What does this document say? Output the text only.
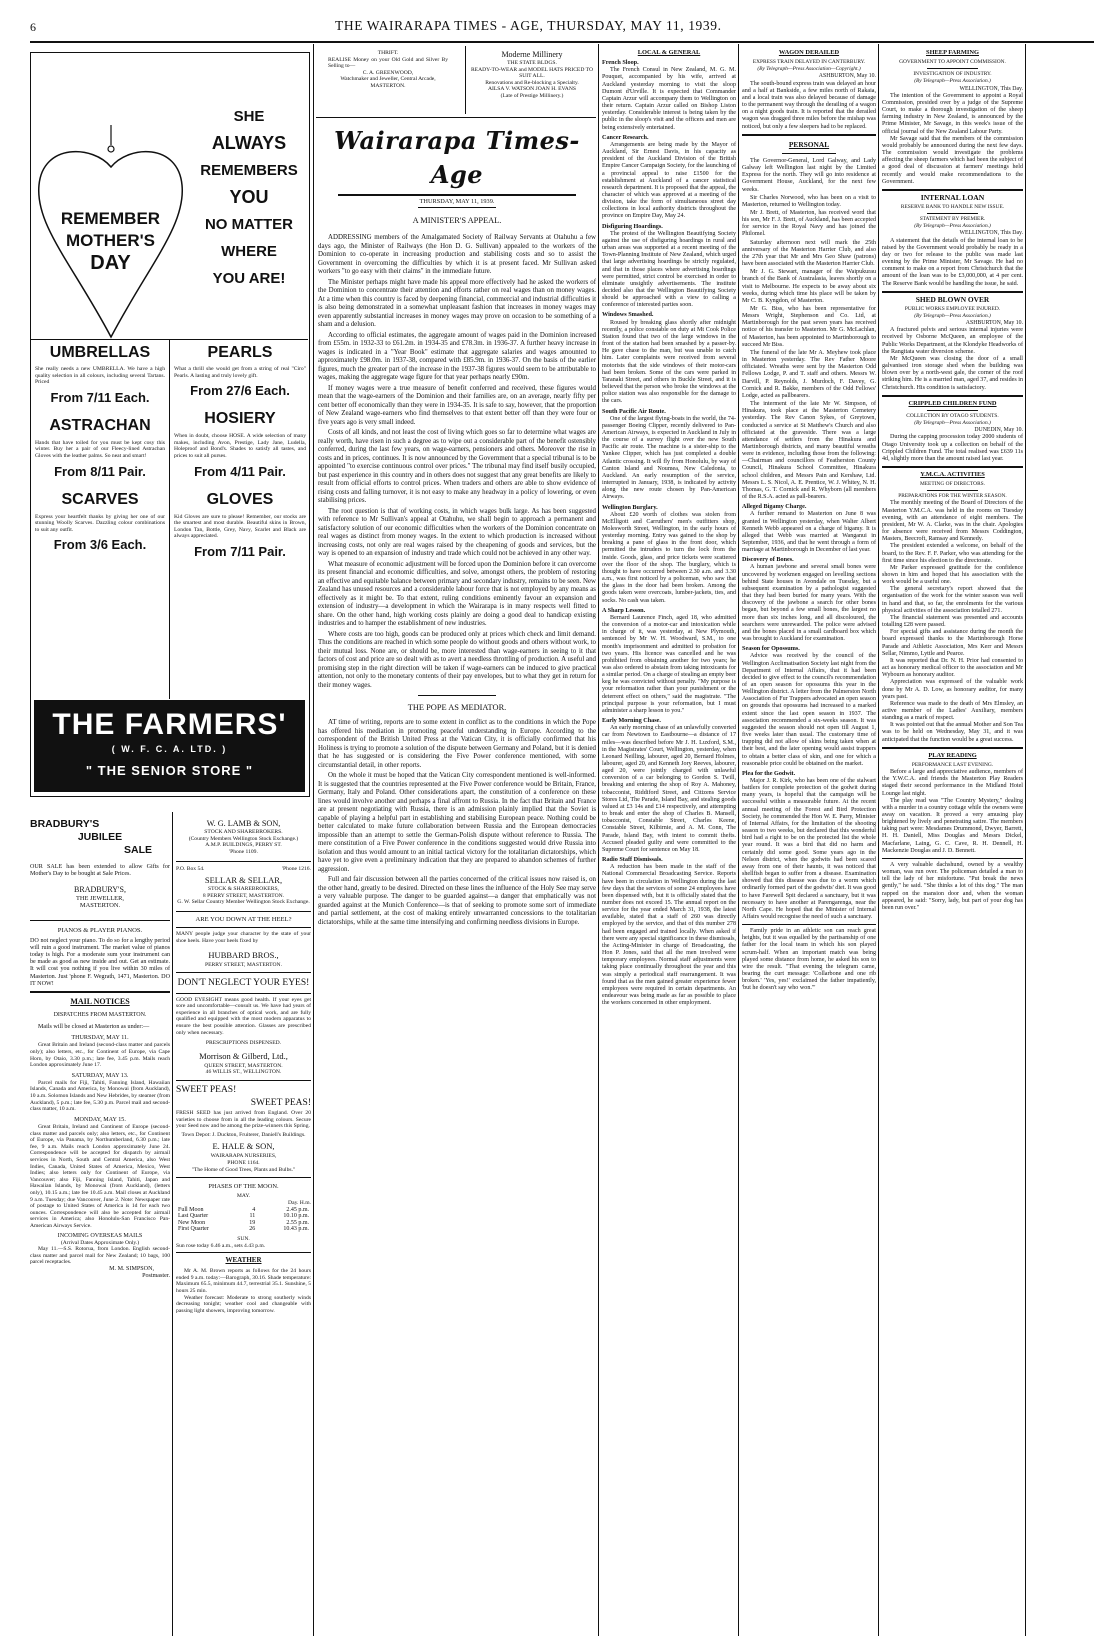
6	THE WAIRARAPA TIMES - AGE, THURSDAY, MAY 11, 1939.
REMEMBER
MOTHER'S
DAY
SHE
ALWAYS
REMEMBERS
YOU
NO MATTER
WHERE
YOU ARE!
UMBRELLAS

She really needs a new UMBRELLA. We have a high quality selection in all colours, including several Tartans. Priced

From 7/11 Each.
ASTRACHAN

Hands that have toiled for you must be kept cosy this winter. Buy her a pair of our Fleecy-lined Astrachan Gloves with the leather palms. So neat and smart!

From 8/11 Pair.
SCARVES

Express your heartfelt thanks by giving her one of our stunning Woolly Scarves. Dazzling colour combinations to suit any outfit.

From 3/6 Each.
PEARLS

What a thrill she would get from a string of real "Ciro" Pearls. A lasting and truly lovely gift.

From 27/6 Each.
HOSIERY

When in doubt, choose HOSE. A wide selection of many makes, including Avon, Prestige, Lady Jane, Ludella, Holeproof and Bond's. Shades to satisfy all tastes, and prices to suit all purses.

From 4/11 Pair.
GLOVES

Kid Gloves are sure to please! Remember, our stocks are the smartest and most durable. Beautiful skins in Brown, London Tan, Bottle, Grey, Navy, Scarlet and Black are always appreciated.

From 7/11 Pair.
THE FARMERS'
( W. F. C. A. LTD. )
" THE SENIOR STORE "
BRADBURY'S
JUBILEE
SALE

OUR SALE has been extended to allow Gifts for Mother's Day to be bought at Sale Prices.

BRADBURY'S,
THE JEWELLER,
MASTERTON.
PIANOS & PLAYER PIANOS.

DO not neglect your piano. To do so for a lengthy period will ruin a good instrument. The market value of pianos today is high. For a moderate sum your instrument can be made as good as new inside and out. Get an estimate. It will cost you nothing if you live within 30 miles of Masterton. Just 'phone F. Wegrath, 1471, Masterton. DO IT NOW!

MAIL NOTICES
DISPATCHES FROM MASTERTON.

Mails will be closed at Masterton as under:—

THURSDAY, MAY 11.

Great Britain and Ireland (second-class matter and parcels only); also letters, etc., for Continent of Europe, via Cape Horn, by Otaio, 3.30 p.m.; late fee, 3.45 p.m. Mails reach London approximately June 17.

SATURDAY, MAY 13.

Parcel mails for Fiji, Tahiti, Fanning Island, Hawaiian Islands, Canada and America, by Monowai (from Auckland), 10 a.m. Solomon Islands and New Hebrides, by steamer (from Auckland), 5 p.m.; late fee, 5.30 p.m. Parcel mail and second-class matter, 10 a.m.

MONDAY, MAY 15.

Great Britain, Ireland and Continent of Europe (second-class matter and parcels only; also letters, etc., for Continent of Europe, via Panama, by Northumberland, 6.30 p.m.; late fee, 9 a.m. Mails reach London approximately June 24. Correspondence will be accepted for dispatch by airmail services in North, South and Central America, also West Indies, Canada, United States of America, Mexico, West Indies; also letters only for Continent of Europe, via Vancouver; also Fiji, Fanning Island, Tahiti, Japan and Hawaiian Islands, by Monowai (from Auckland), (letters only), 10.15 a.m.; late fee 10.45 a.m. Mail closes at Auckland 9 a.m. Tuesday; due Vancouver, June 2. Note: Newspaper rate of postage to United States of America is 1d for each two ounces. Correspondence will also be accepted for airmail services in America; also Honolulu-San Francisco Pan-American Airways Service.

INCOMING OVERSEAS MAILS
(Arrival Dates Approximate Only.)

May 11.—S.S. Rotorua, from London. English second-class matter and parcel mail for New Zealand; 10 bags, 100 parcel receptacles.

M. M. SIMPSON,
Postmaster.
W. G. LAMB & SON,
STOCK AND SHAREBROKERS.
(Country Members Wellington Stock Exchange.)
A.M.P. BUILDINGS, PERRY ST.
'Phone 1109.
P.O. Box 54.	'Phone 1216.
SELLAR & SELLAR,
STOCK & SHAREBROKERS,
8 PERRY STREET, MASTERTON.
G. W. Sellar Country Member Wellington Stock Exchange.
ARE YOU DOWN AT THE HEEL?

MANY people judge your character by the state of your shoe heels. Have your heels fixed by

HUBBARD BROS.,
PERRY STREET, MASTERTON.
DON'T NEGLECT YOUR EYES!

GOOD EYESIGHT means good health. If your eyes get sore and uncomfortable—consult us. We have had years of experience in all branches of optical work, and are fully qualified and equipped with the most modern apparatus to ensure the best possible attention. Glasses are prescribed only when necessary.

PRESCRIPTIONS DISPENSED.
Morrison & Gilberd, Ltd.,
QUEEN STREET, MASTERTON.
46 WILLIS ST., WELLINGTON.
SWEET PEAS!
SWEET PEAS!

FRESH SEED has just arrived from England. Over 20 varieties to choose from in all the leading colours. Secure your Seed now and be among the prize-winners this Spring.

Town Depot: J. Duckton, Fruiterer, Daniell's Buildings.

E. HALE & SON,
WAIRARAPA NURSERIES,
PHONE 1164.
"The Home of Good Trees, Plants and Bulbs."
PHASES OF THE MOON.
MAY.
Day. H.m.
Full Moon	4	2.45 p.m.
Last Quarter	11	10.10 p.m.
New Moon	19	2.55 p.m.
First Quarter	26	10.43 p.m.
SUN.
Sun rose today 6.46 a.m., sets 4.43 p.m.
WEATHER

Mr A. M. Brown reports as follows for the 24 hours ended 9 a.m. today:—Barograph, 30.16. Shade temperature: Maximum 65.5, minimum 44.7, terrestrial 35.1. Sunshine, 5 hours 25 min.

Weather forecast: Moderate to strong southerly winds decreasing tonight; weather cool and changeable with passing light showers, improving tomorrow.

THRIFT.

REALISE Money on your Old Gold and Silver By Selling to—

C. A. GREENWOOD,
Watchmaker and Jeweller, Central Arcade,
MASTERTON.
Moderne Millinery
THE STATE BLDGS.
READY-TO-WEAR and MODEL HATS PRICED TO SUIT ALL.
Renovations and Re-blocking a Specialty.
AILSA V. WATSON JOAN H. EVANS
(Late of Prestige Millinery.)
Wairarapa Times-Age
THURSDAY, MAY 11, 1939.
A MINISTER'S APPEAL.

ADDRESSING members of the Amalgamated Society of Railway Servants at Otahuhu a few days ago, the Minister of Railways (the Hon D. G. Sullivan) appealed to the workers of the Dominion to co-operate in increasing production and stabilising costs and so to assist the Government in overcoming the difficulties by which it is at present faced. Mr Sullivan asked workers "to go easy with their claims" in the immediate future.

The Minister perhaps might have made his appeal more effectively had he asked the workers of the Dominion to concentrate their attention and efforts rather on real wages than on money wages. At a time when this country is faced by deepening financial, commercial and industrial difficulties it is also being demonstrated in a somewhat unpleasant fashion that increases in money wages may even apparently substantial increases in money wages may prove on occasion to be something of a sham and a delusion.

According to official estimates, the aggregate amount of wages paid in the Dominion increased from £55m. in 1932-33 to £61.2m. in 1934-35 and £78.3m. in 1936-37. A further heavy increase in wages is indicated in a "Year Book" estimate that aggregate salaries and wages amounted to approximately £98.0m. in 1937-38, compared with £85.9m. in 1936-37. On the basis of the earlier figures, much the greater part of the increase in the 1937-38 figures would seem to be attributable to wages, making the aggregate wage figure for that year perhaps nearly £90m.

If money wages were a true measure of benefit conferred and received, these figures would mean that the wage-earners of the Dominion and their families are, on an average, nearly fifty per cent better off economically than they were in 1934-35. It is safe to say, however, that the proportion of New Zealand wage-earners who find themselves to that extent better off than they were four or five years ago is very small indeed.

Costs of all kinds, and not least the cost of living which goes so far to determine what wages are really worth, have risen in such a degree as to wipe out a considerable part of the benefit ostensibly conferred, during the last few years, on wage-earners, pensioners and others. Moreover the rise in costs and in prices, continues. It is now announced by the Government that a special tribunal is to be appointed "to exercise continuous control over prices." The tribunal may find itself busily occupied, but past experience in this country and in others does not suggest that any great benefits are likely to result from official efforts to control prices. When traders and others are able to show evidence of rising costs and falling turnover, it is not easy to make any headway in a policy of lowering, or even stabilising prices.

The root question is that of working costs, in which wages bulk large. As has been suggested with reference to Mr Sullivan's appeal at Otahuhu, we shall begin to approach a permanent and satisfactory solution of our economic difficulties when the workers of the Dominion concentrate on real wages as distinct from money wages. In the extent to which production is increased without increasing costs, not only are real wages raised by the cheapening of goods and services, but the way is opened to an expansion of industry and trade which could not be achieved in any other way.

What measure of economic adjustment will be forced upon the Dominion before it can overcome its present financial and economic difficulties, and solve, amongst others, the problem of restoring an effective and equitable balance between primary and secondary industry, remains to be seen. New Zealand has unused resources and a considerable labour force that is not employed by any means as effectively as it might be. To that extent, ruling conditions eminently favour an expansion and extension of industry—a development in which the Wairarapa is in many respects well fitted to share. On the other hand, high working costs plainly are doing a good deal to handicap existing industries and to hamper the establishment of new industries.

Where costs are too high, goods can be produced only at prices which check and limit demand. Thus the conditions are reached in which some people do without goods and others without work, to their mutual loss. None are, or should be, more interested than wage-earners in seeing to it that factors of cost and price are so dealt with as to avert a needless throttling of production. A useful and promising step in the right direction will be taken if wage-earners can be induced to give practical attention, not only to the monetary contents of their pay envelopes, but to what they get in return for their money wages.

THE POPE AS MEDIATOR.

AT time of writing, reports are to some extent in conflict as to the conditions in which the Pope has offered his mediation in promoting peaceful understanding in Europe. According to the correspondent of the British United Press at the Vatican City, it is officially confirmed that his Holiness is trying to promote a solution of the dispute between Germany and Poland, but it is denied that he has suggested or is considering the Five Power conference mentioned, with some circumstantial detail, in other reports.

On the whole it must be hoped that the Vatican City correspondent mentioned is well-informed. It is suggested that the countries represented at the Five Power conference would be Britain, France, Germany, Italy and Poland. Other considerations apart, the constitution of a conference on these lines would involve another and perhaps a final affront to Russia. In the fact that Britain and France are at present negotiating with Russia, there is an admission plainly implied that the Soviet is capable of playing a helpful part in establishing and stabilising European peace. Nothing could be better calculated to make future collaboration between Russia and the European democracies impossible than an attempt to settle the German-Polish dispute without reference to Russia. The mere constitution of a Five Power conference in the conditions suggested would drive Russia into isolation and thus would amount to an initial tactical victory for the totalitarian dictatorships, which have yet to give even a preliminary indication that they are prepared to abandon schemes of further aggression.

Full and fair discussion between all the parties concerned of the critical issues now raised is, on the other hand, greatly to be desired. Directed on these lines the influence of the Holy See may serve a very valuable purpose. The danger to be guarded against—a danger that emphatically was not guarded against at the Munich Conference—is that of seeking to promote some sort of immediate and partial settlement, at the cost of making entirely unwarranted concessions to the totalitarian dictatorships, while at the same time intensifying and confirming needless divisions in Europe.

LOCAL & GENERAL
French Sloop.

The French Consul in New Zealand, M. G. M. Pouquet, accompanied by his wife, arrived at Auckland yesterday morning to visit the sloop Dumont d'Urville. It is expected that Commander Captain Arzur will accompany them to Wellington on their return. Captain Arzur called on Bishop Liston yesterday. Considerable interest is being taken by the public in the sloop's visit and the officers and men are being extensively entertained.

Cancer Research.

Arrangements are being made by the Mayor of Auckland, Sir Ernest Davis, in his capacity as president of the Auckland Division of the British Empire Cancer Campaign Society, for the launching of a provincial appeal to raise £1500 for the establishment at Auckland of a cancer statistical research department. It is proposed that the appeal, the character of which was approved at a meeting of the division, take the form of simultaneous street day collections in local authority districts throughout the province on Empire Day, May 24.

Disfiguring Hoardings.

The protest of the Wellington Beautifying Society against the use of disfiguring hoardings in rural and urban areas was supported at a recent meeting of the Town-Planning Institute of New Zealand, which urged that large advertising hoardings be strictly regulated, and that in those places where advertising hoardings were permitted, strict control be exercised in order to eliminate unsightly advertisements. The institute decided also that the Wellington Beautifying Society should be approached with a view to calling a conference of interested parties soon.

Windows Smashed.

Roused by breaking glass shortly after midnight recently, a police constable on duty at Mt Cook Police Station found that two of the large windows in the front of the station had been smashed by a passer-by. He gave chase to the man, but was unable to catch him. Later complaints were received from several motorists that the side windows of their motor-cars had been broken. Some of the cars were parked in Taranaki Street, and others in Buckle Street, and it is believed that the person who broke the windows at the police station was also responsible for the damage to the cars.

South Pacific Air Route.

One of the largest flying-boats in the world, the 74-passenger Boeing Clipper, recently delivered to Pan-American Airways, is expected in Auckland in July in the course of a survey flight over the new South Pacific air route. The machine is a sister-ship to the Yankee Clipper, which has just completed a double Atlantic crossing. It will fly from Honolulu, by way of Canton Island and Noumea, New Caledonia, to Auckland. An early resumption of the service, interrupted in January, 1938, is indicated by activity along the new route chosen by Pan-American Airways.

Wellington Burglary.

About £20 worth of clothes was stolen from McElligott and Carruthers' men's outfitters shop, Molesworth Street, Wellington, in the early hours of yesterday morning. Entry was gained to the shop by breaking a pane of glass in the front door, which permitted the intruders to turn the lock from the inside. Goods, glass, and price tickets were scattered over the floor of the shop. The burglary, which is thought to have occurred between 2.30 a.m. and 3.30 a.m., was first noticed by a policeman, who saw that the glass in the door had been broken. Among the goods taken were overcoats, lumber-jackets, ties, and socks. No cash was taken.

A Sharp Lesson.

Bernard Laurence Finch, aged 18, who admitted the conversion of a motor-car and intoxication while in charge of it, was yesterday, at New Plymouth, sentenced by Mr W. H. Woodward, S.M., to one month's imprisonment and admitted to probation for two years. His licence was cancelled and he was prohibited from obtaining another for two years; he was also ordered to abstain from taking intoxicants for a similar period. On a charge of stealing an empty beer keg he was convicted without penalty. "My purpose is your reformation rather than your punishment or the deterrent effect on others," said the magistrate. "The principal purpose is your reformation, but I must administer a sharp lesson to you."

Early Morning Chase.

An early morning chase of an unlawfully converted car from Newtown to Eastbourne—a distance of 17 miles—was described before Mr J. H. Luxford, S.M., in the Magistrates' Court, Wellington, yesterday, when Leonard Neilling, labourer, aged 20, Bernard Holmes, labourer, aged 20, and Kenneth Jory Reeves, labourer, aged 20, were jointly charged with unlawful conversion of a car belonging to Gordon S. Twill, breaking and entering the shop of Roy A. Mahoney, tobacconist, Riddiford Street, and Citizens Service Stores Ltd, The Parade, Island Bay, and stealing goods valued at £3 14s and £14 respectively, and attempting to break and enter the shop of Charles B. Mansell, tobacconist, Constable Street, Charles Keene, Constable Street, Kilbirnie, and A. M. Conn, The Parade, Island Bay, with intent to commit thefts. Accused pleaded guilty and were committed to the Supreme Court for sentence on May 18.

Radio Staff Dismissals.

A reduction has been made in the staff of the National Commercial Broadcasting Service. Reports have been in circulation in Wellington during the last few days that the services of some 24 employees have been dispensed with, but it is officially stated that the number does not exceed 15. The annual report on the service for the year ended March 31, 1938, the latest available, stated that a staff of 260 was directly employed by the service, and that of this number 278 had been engaged and trained locally. When asked if there were any special significance in these dismissals, the Acting-Minister in charge of Broadcasting, the Hon P. Jones, said that all the men involved were temporary employees. Normal staff adjustments were taking place continually throughout the year and this was simply a periodical staff rearrangement. It was found that as the men gained greater experience fewer employees were required in certain departments. An endeavour was being made as far as possible to place the workers concerned in other employment.

WAGON DERAILED
EXPRESS TRAIN DELAYED IN CANTERBURY.
(By Telegraph—Press Association—Copyright.)
ASHBURTON, May 10.

The south-bound express train was delayed an hour and a half at Bankside, a few miles north of Rakaia, and a local train was also delayed because of damage to the permanent way through the derailing of a wagon on a night goods train. It is reported that the derailed wagon was dragged three miles before the mishap was noticed, but only a few sleepers had to be replaced.

PERSONAL

The Governor-General, Lord Galway, and Lady Galway left Wellington last night by the Limited Express for the north. They will go into residence at Government House, Auckland, for the next few weeks.

Sir Charles Norwood, who has been on a visit to Masterton, returned to Wellington today.

Mr J. Brett, of Masterton, has received word that his son, Mr F. J. Brett, of Auckland, has been accepted for service in the Royal Navy and has joined the Philomel.

Saturday afternoon next will mark the 25th anniversary of the Masterton Harrier Club, and also the 27th year that Mr and Mrs Geo Shaw (patrons) have been associated with the Masterton Harrier Club.

Mr J. G. Stewart, manager of the Waipukurau branch of the Bank of Australasia, leaves shortly on a visit to Melbourne. He expects to be away about six weeks, during which time his place will be taken by Mr C. B. Kyngdon, of Masterton.

Mr G. Biss, who has been representative for Messrs Wright, Stephenson and Co. Ltd, at Martinborough for the past seven years has received notice of his transfer to Masterton. Mr G. McLachlan, of Masterton, has been appointed to Martinborough to succeed Mr Biss.

The funeral of the late Mr A. Meyhew took place in Masterton yesterday. The Rev Father Moore officiated. Wreaths were sent by the Masterton Odd Fellows Lodge, P. and T. staff and others. Messrs W. Darvill, P. Reynolds, J. Murdoch, F. Davey, G. Cornick and R. Bakke, members of the Odd Fellows' Lodge, acted as pallbearers.

The interment of the late Mr W. Simpson, of Hinakura, took place at the Masterton Cemetery yesterday. The Rev Canon Sykes, of Greytown, conducted a service at St Matthew's Church and also officiated at the graveside. There was a large attendance of settlers from the Hinakura and Martinborough districts, and many beautiful wreaths were in evidence, including those from the following:—Chairman and councillors of Featherston County Council, Hinakura School Committee, Hinakura school children, and Messrs Pain and Kershaw, Ltd. Messrs L. S. Nicol, A. E. Prentice, W. J. Whitey, N. H. Thomas, G. T. Cornick and R. Whyborn (all members of the R.S.A. acted as pall-bearers.

Alleged Bigamy Charge.

A further remand to Masterton on June 8 was granted in Wellington yesterday, when Walter Albert Kenneth Webb appeared on a charge of bigamy. It is alleged that Webb was married at Wanganui in September, 1936, and that he went through a form of marriage at Martinborough in December of last year.

Discovery of Bones.

A human jawbone and several small bones were uncovered by workmen engaged on levelling sections behind State houses in Avondale on Tuesday, but a subsequent examination by a pathologist suggested that they had been buried for many years. With the discovery of the jawbone a search for other bones began, but beyond a few small bones, the largest no more than six inches long, and all discoloured, the searchers were unrewarded. The police were advised and the bones placed in a small cardboard box which was brought to Auckland for examination.

Season for Opossums.

Advice was received by the council of the Wellington Acclimatisation Society last night from the Department of Internal Affairs, that it had been decided to give effect to the council's recommendation of an open season for opossums this year in the Wellington district. A letter from the Palmerston North Association of Fur Trappers advocated an open season on grounds that opossums had increased to a marked extent since the last open season in 1937. The association recommended a six-weeks season. It was suggested the season should not open till August 1, five weeks later than usual. The customary time of trapping did not allow of skins being taken when at their best, and the later opening would assist trappers to obtain a better class of skin, and one for which a reasonable price could be obtained on the market.

Plea for the Godwit.

Major J. R. Kirk, who has been one of the stalwart battlers for complete protection of the godwit during many years, is hopeful that the campaign will be successful within a measurable future. At the recent annual meeting of the Forest and Bird Protection Society, he commended the Hon W. E. Parry, Minister of Internal Affairs, for the limitation of the shooting season to two weeks, but declared that this wonderful bird had a right to be on the protected list the whole year round. It was a bird that did no harm and certainly did some good. Some years ago in the Nelson district, when the godwits had been scared away from one of their haunts, it was noticed that shellfish began to suffer from a disease. Examination showed that this disease was due to a worm which ordinarily formed part of the godwits' diet. It was good to have Farewell Spit declared a sanctuary, but it was necessary to have another at Parengarenga, near the North Cape. He hoped that the Minister of Internal Affairs would recognise the need of such a sanctuary.

Family pride in an athletic son can reach great heights, but it was equalled by the partisanship of one father for the local team in which his son played scrum-half. When an important match was being played some distance from home, he asked his son to wire the result. "That evening the telegram came, bearing the curt message: 'Collarbone and one rib broken.' 'Yes, yes!' exclaimed the father impatiently, 'but he doesn't say who won.'"

SHEEP FARMING
GOVERNMENT TO APPOINT COMMISSION.
INVESTIGATION OF INDUSTRY.
(By Telegraph—Press Association.)
WELLINGTON, This Day.

The intention of the Government to appoint a Royal Commission, presided over by a judge of the Supreme Court, to make a thorough investigation of the sheep farming industry in New Zealand, is announced by the Prime Minister, Mr Savage, in this week's issue of the official journal of the New Zealand Labour Party.

Mr Savage said that the members of the commission would probably be announced during the next few days. The commission would investigate the problems affecting the sheep farmers which had been the subject of a good deal of discussion at farmers' meetings held recently and would make recommendations to the Government.

INTERNAL LOAN
RESERVE BANK TO HANDLE NEW ISSUE.
STATEMENT BY PREMIER.
(By Telegraph—Press Association.)
WELLINGTON, This Day.

A statement that the details of the internal loan to be raised by the Government would probably be ready in a day or two for release to the public was made last evening by the Prime Minister, Mr Savage. He had no comment to make on a report from Christchurch that the amount of the loan was to be £3,000,000, at 4 per cent. The Reserve Bank would be handling the issue, he said.

SHED BLOWN OVER
PUBLIC WORKS EMPLOYEE INJURED.
(By Telegraph—Press Association.)
ASHBURTON, May 10.

A fractured pelvis and serious internal injuries were received by Osborne McQueen, an employee of the Public Works Department, at the Klondyke Headworks of the Rangitata water diversion scheme.

Mr McQueen was closing the door of a small galvanised iron storage shed when the building was blown over by a north-west gale, the corner of the roof striking him. He is a married man, aged 37, and resides in Christchurch. His condition is satisfactory.

CRIPPLED CHILDREN FUND
COLLECTION BY OTAGO STUDENTS.
(By Telegraph—Press Association.)
DUNEDIN, May 10.

During the capping procession today 2000 students of Otago University took up a collection on behalf of the Crippled Children Fund. The total realised was £639 11s 4d, slightly more than the amount raised last year.

Y.M.C.A. ACTIVITIES
MEETING OF DIRECTORS.
PREPARATIONS FOR THE WINTER SEASON.

The monthly meeting of the Board of Directors of the Masterton Y.M.C.A. was held in the rooms on Tuesday evening, with an attendance of eight members. The president, Mr W. A. Clarke, was in the chair. Apologies for absence were received from Messrs Coddington, Masters, Beecroft, Ramsay and Kennedy.

The president extended a welcome, on behalf of the board, to the Rev. F. F. Parker, who was attending for the first time since his election to the directorate.

Mr Parker expressed gratitude for the confidence shown in him and hoped that his association with the work would be a useful one.

The general secretary's report showed that the organisation of the work for the winter season was well in hand and that, so far, the enrolments for the various physical activities of the association totalled 271.

The financial statement was presented and accounts totalling £28 were passed.

For special gifts and assistance during the month the board expressed thanks to the Martinborough Horse Parade and Athletic Association, Mrs Kerr and Messrs Sellar, Nimmo, Lyttle and Pearce.

It was reported that Dr. N. H. Prior had consented to act as honorary medical officer to the association and Mr Wybourn as honorary auditor.

Appreciation was expressed of the valuable work done by Mr A. D. Low, as honorary auditor, for many years past.

Reference was made to the death of Mrs Elmsley, an active member of the Ladies' Auxiliary, members standing as a mark of respect.

It was pointed out that the annual Mother and Son Tea was to be held on Wednesday, May 31, and it was anticipated that the function would be a great success.

PLAY READING
PERFORMANCE LAST EVENING.

Before a large and appreciative audience, members of the Y.W.C.A. and friends the Masterton Play Readers staged their second performance in the Midland Hotel Lounge last night.

The play read was "The Country Mystery," dealing with a murder in a country cottage while the owners were away on vacation. It proved a very amusing play brightened by lively and penetrating satire. The members taking part were: Mesdames Drummond, Dwyer, Barrett, H. H. Daniell, Miss Douglas and Messrs Dickel, Macfarlane, Laing, G. C. Cave, R. H. Dennell, H. Mackenzie Douglas and J. D. Bennett.

A very valuable dachshund, owned by a wealthy woman, was run over. The policeman detailed a man to tell the lady of her misfortune. "Put break the news gently," he said. "She thinks a lot of this dog." The man rapped on the mansion door and, when the woman appeared, he said: "Sorry, lady, but part of your dog has been run over."
